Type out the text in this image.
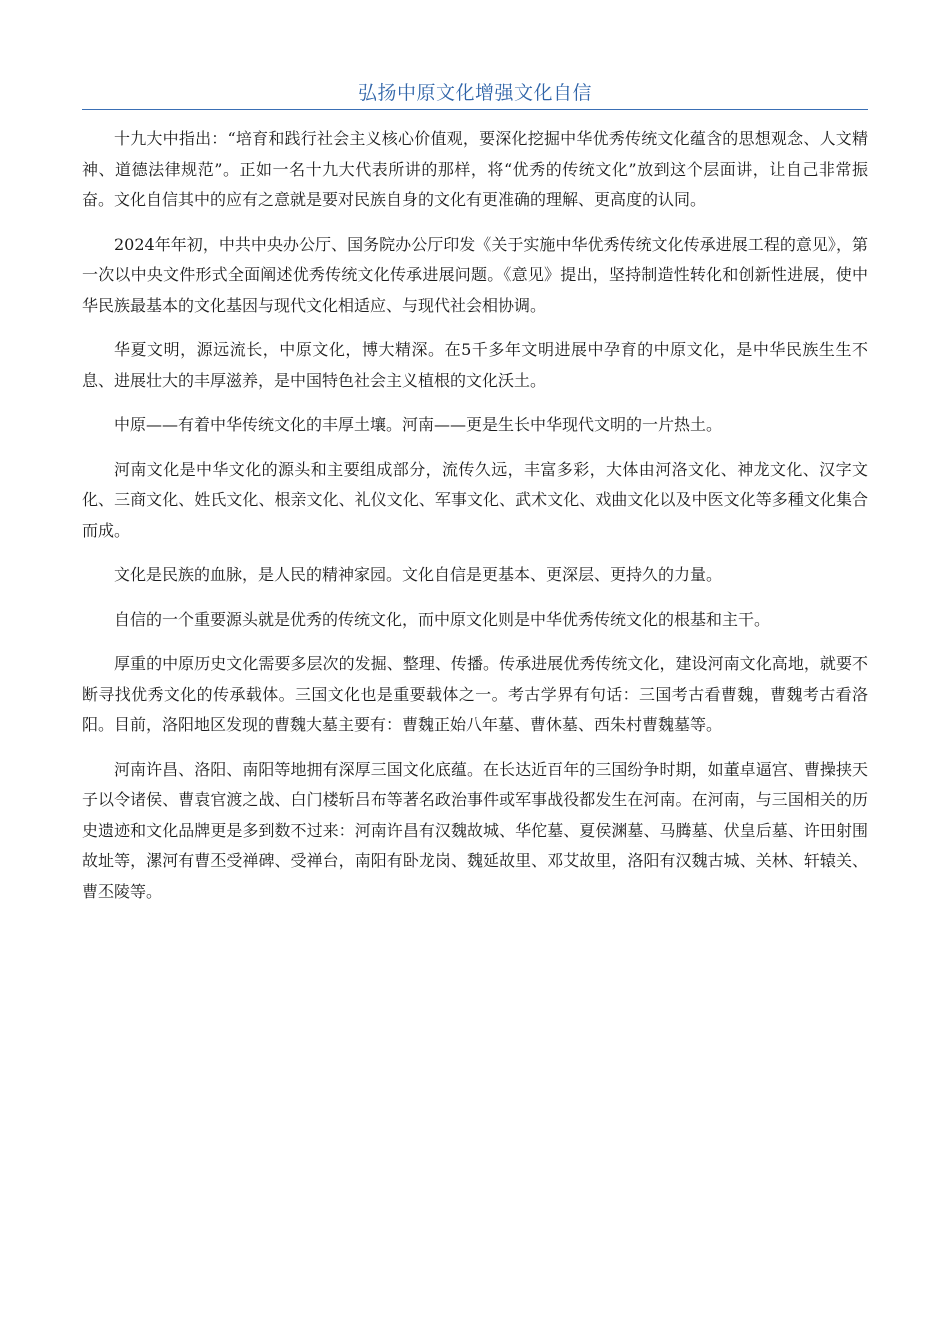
弘扬中原文化增强文化自信

十九大中指出：“培育和践行社会主义核心价值观，要深化挖掘中华优秀传统文化蕴含的思想观念、人文精神、道德法律规范”。正如一名十九大代表所讲的那样，将“优秀的传统文化”放到这个层面讲，让自己非常振奋。文化自信其中的应有之意就是要对民族自身的文化有更准确的理解、更高度的认同。

2024年年初，中共中央办公厅、国务院办公厅印发《关于实施中华优秀传统文化传承进展工程的意见》，第一次以中央文件形式全面阐述优秀传统文化传承进展问题。《意见》提出，坚持制造性转化和创新性进展，使中华民族最基本的文化基因与现代文化相适应、与现代社会相协调。

华夏文明，源远流长，中原文化，博大精深。在5千多年文明进展中孕育的中原文化，是中华民族生生不息、进展壮大的丰厚滋养，是中国特色社会主义植根的文化沃土。

中原——有着中华传统文化的丰厚土壤。河南——更是生长中华现代文明的一片热土。

河南文化是中华文化的源头和主要组成部分，流传久远，丰富多彩，大体由河洛文化、神龙文化、汉字文化、三商文化、姓氏文化、根亲文化、礼仪文化、军事文化、武术文化、戏曲文化以及中医文化等多種文化集合而成。

文化是民族的血脉，是人民的精神家园。文化自信是更基本、更深层、更持久的力量。

自信的一个重要源头就是优秀的传统文化，而中原文化则是中华优秀传统文化的根基和主干。

厚重的中原历史文化需要多层次的发掘、整理、传播。传承进展优秀传统文化，建设河南文化高地，就要不断寻找优秀文化的传承载体。三国文化也是重要载体之一。考古学界有句话：三国考古看曹魏，曹魏考古看洛阳。目前，洛阳地区发现的曹魏大墓主要有：曹魏正始八年墓、曹休墓、西朱村曹魏墓等。

河南许昌、洛阳、南阳等地拥有深厚三国文化底蕴。在长达近百年的三国纷争时期，如董卓逼宫、曹操挟天子以令诸侯、曹袁官渡之战、白门楼斩吕布等著名政治事件或军事战役都发生在河南。在河南，与三国相关的历史遗迹和文化品牌更是多到数不过来：河南许昌有汉魏故城、华佗墓、夏侯渊墓、马腾墓、伏皇后墓、许田射围故址等，漯河有曹丕受禅碑、受禅台，南阳有卧龙岗、魏延故里、邓艾故里，洛阳有汉魏古城、关林、轩辕关、曹丕陵等。
